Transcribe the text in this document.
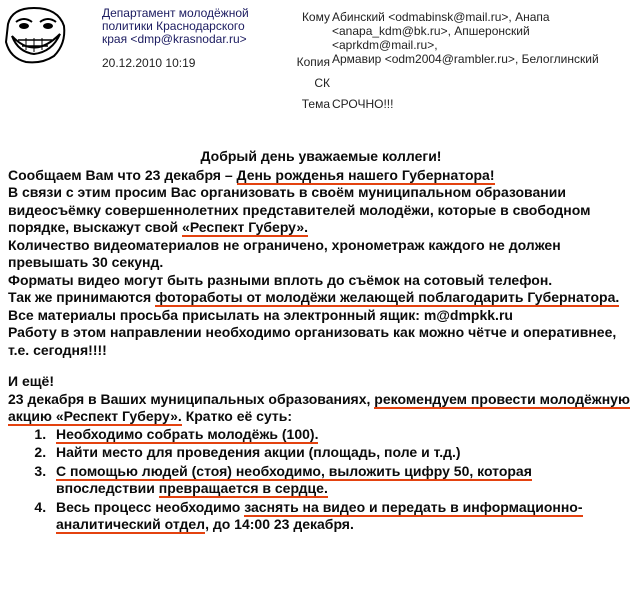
Департамент молодёжной
политики Краснодарского
края <dmp@krasnodar.ru>
20.12.2010 10:19
Кому
Копия
СК
Тема
Абинский <odmabinsk@mail.ru>, Анапа
<anapa_kdm@bk.ru>, Апшеронский <aprkdm@mail.ru>,
Армавир <odm2004@rambler.ru>, Белоглинский
СРОЧНО!!!

Добрый день уважаемые коллеги!

Сообщаем Вам что 23 декабря – День рожденья нашего Губернатора!

В связи с этим просим Вас организовать в своём муниципальном образовании видеосъёмку совершеннолетних представителей молодёжи, которые в свободном порядке, выскажут свой «Респект Губеру».

Количество видеоматериалов не ограничено, хронометраж каждого не должен превышать 30 секунд.

Форматы видео могут быть разными вплоть до съёмок на сотовый телефон.

Так же принимаются фотоработы от молодёжи желающей поблагодарить Губернатора.

Все материалы просьба присылать на электронный ящик: m@dmpkk.ru

Работу в этом направлении необходимо организовать как можно чётче и оперативнее, т.е. сегодня!!!!

И ещё!

23 декабря в Ваших муниципальных образованиях, рекомендуем провести молодёжную акцию «Респект Губеру». Кратко её суть:

1. Необходимо собрать молодёжь (100).
2. Найти место для проведения акции (площадь, поле и т.д.)
3. С помощью людей (стоя) необходимо, выложить цифру 50, которая впоследствии превращается в сердце.
4. Весь процесс необходимо заснять на видео и передать в информационно-аналитический отдел, до 14:00 23 декабря.
